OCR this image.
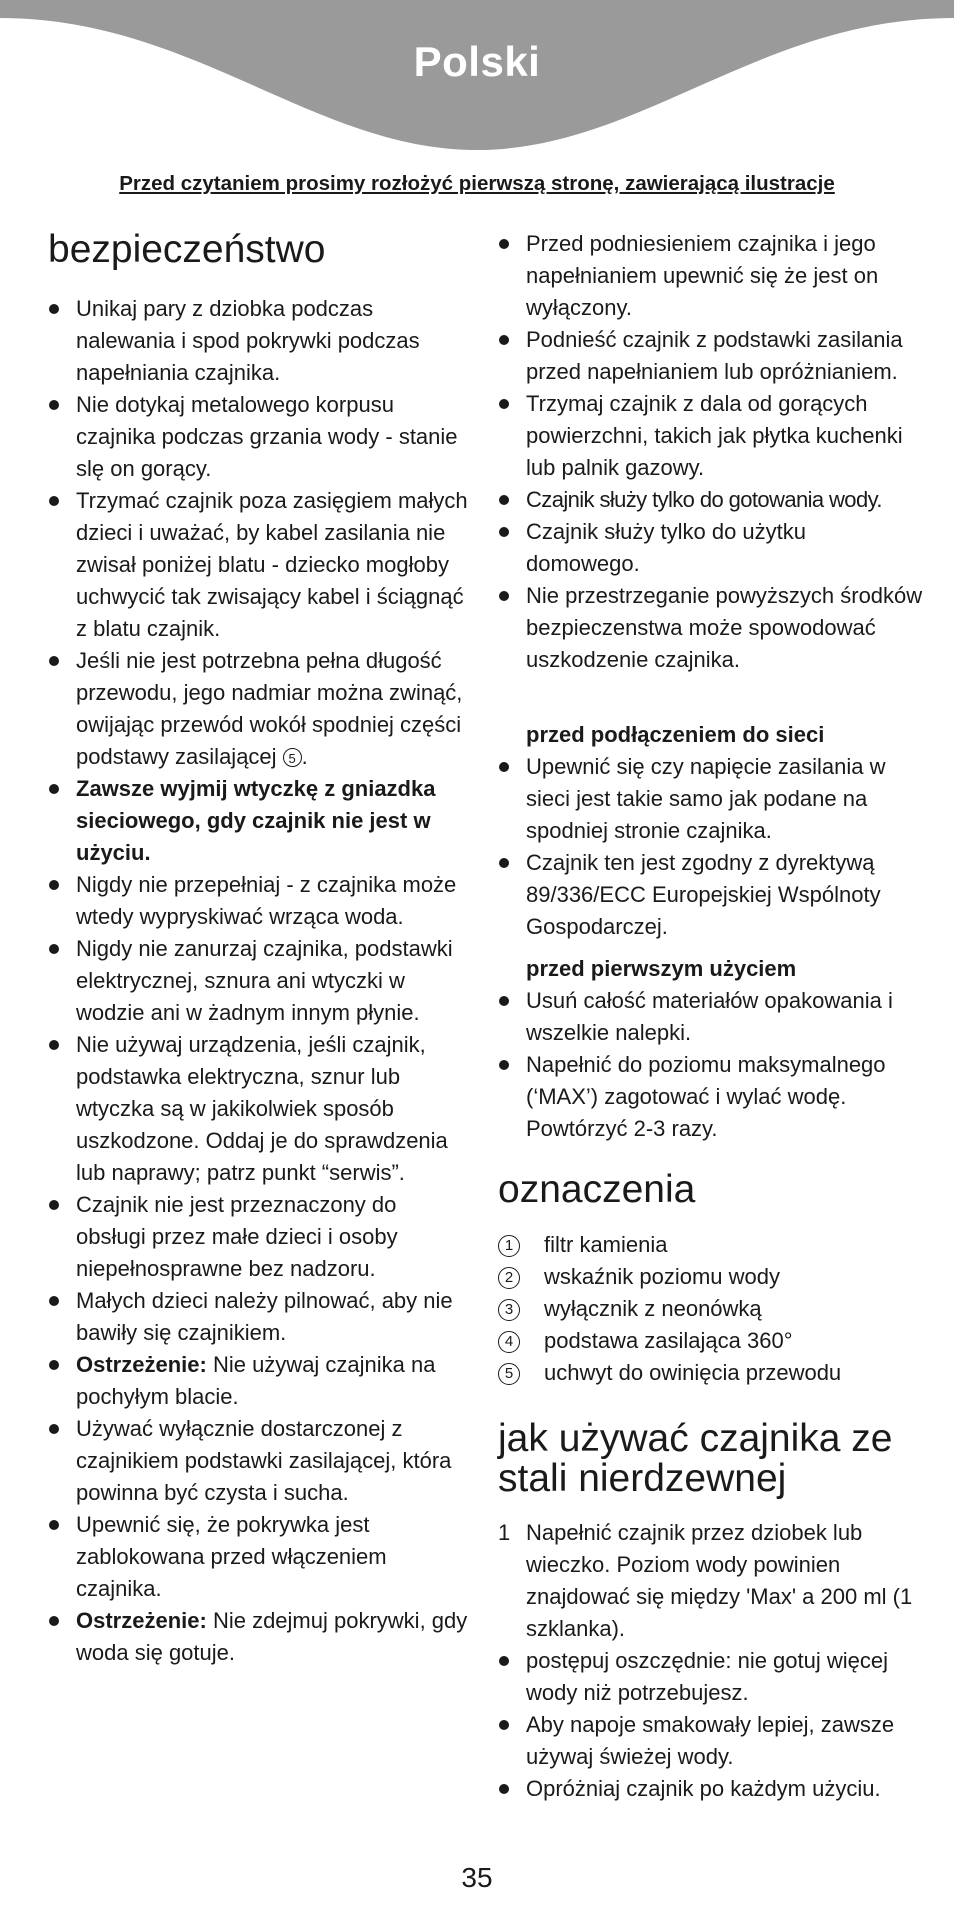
Polski
Przed czytaniem prosimy rozłożyć pierwszą stronę, zawierającą ilustracje
bezpieczeństwo
Unikaj pary z dziobka podczas nalewania i spod pokrywki podczas napełniania czajnika.
Nie dotykaj metalowego korpusu czajnika podczas grzania wody - stanie slę on gorący.
Trzymać czajnik poza zasięgiem małych dzieci i uważać, by kabel zasilania nie zwisał poniżej blatu - dziecko mogłoby uchwycić tak zwisający kabel i ściągnąć z blatu czajnik.
Jeśli nie jest potrzebna pełna długość przewodu, jego nadmiar można zwinąć, owijając przewód wokół spodniej części podstawy zasilającej 5 .
Zawsze wyjmij wtyczkę z gniazdka sieciowego, gdy czajnik nie jest w użyciu.
Nigdy nie przepełniaj - z czajnika może wtedy wypryskiwać wrząca woda.
Nigdy nie zanurzaj czajnika, podstawki elektrycznej, sznura ani wtyczki w wodzie ani w żadnym innym płynie.
Nie używaj urządzenia, jeśli czajnik, podstawka elektryczna, sznur lub wtyczka są w jakikolwiek sposób uszkodzone. Oddaj je do sprawdzenia lub naprawy; patrz punkt “serwis”.
Czajnik nie jest przeznaczony do obsługi przez małe dzieci i osoby niepełnosprawne bez nadzoru.
Małych dzieci należy pilnować, aby nie bawiły się czajnikiem.
Ostrzeżenie: Nie używaj czajnika na pochyłym blacie.
Używać wyłącznie dostarczonej z czajnikiem podstawki zasilającej, która powinna być czysta i sucha.
Upewnić się, że pokrywka jest zablokowana przed włączeniem czajnika.
Ostrzeżenie: Nie zdejmuj pokrywki, gdy woda się gotuje.
Przed podniesieniem czajnika i jego napełnianiem upewnić się że jest on wyłączony.
Podnieść czajnik z podstawki zasilania przed napełnianiem lub opróżnianiem.
Trzymaj czajnik z dala od gorących powierzchni, takich jak płytka kuchenki lub palnik gazowy.
Czajnik służy tylko do gotowania wody.
Czajnik służy tylko do użytku domowego.
Nie przestrzeganie powyższych środków bezpieczenstwa może spowodować uszkodzenie czajnika.
przed podłączeniem do sieci
Upewnić się czy napięcie zasilania w sieci jest takie samo jak podane na spodniej stronie czajnika.
Czajnik ten jest zgodny z dyrektywą 89/336/ECC Europejskiej Wspólnoty Gospodarczej.
przed pierwszym użyciem
Usuń całość materiałów opakowania i wszelkie nalepki.
Napełnić do poziomu maksymalnego (‘MAX’) zagotować i wylać wodę. Powtórzyć 2-3 razy.
oznaczenia
1	filtr kamienia
2	wskaźnik poziomu wody
3	wyłącznik z neonówką
4	podstawa zasilająca 360°
5	uchwyt do owinięcia przewodu
jak używać czajnika ze
stali nierdzewnej
1 Napełnić czajnik przez dziobek lub wieczko. Poziom wody powinien znajdować się między 'Max' a 200 ml (1 szklanka).
postępuj oszczędnie: nie gotuj więcej wody niż potrzebujesz.
Aby napoje smakowały lepiej, zawsze używaj świeżej wody.
Opróżniaj czajnik po każdym użyciu.
35
